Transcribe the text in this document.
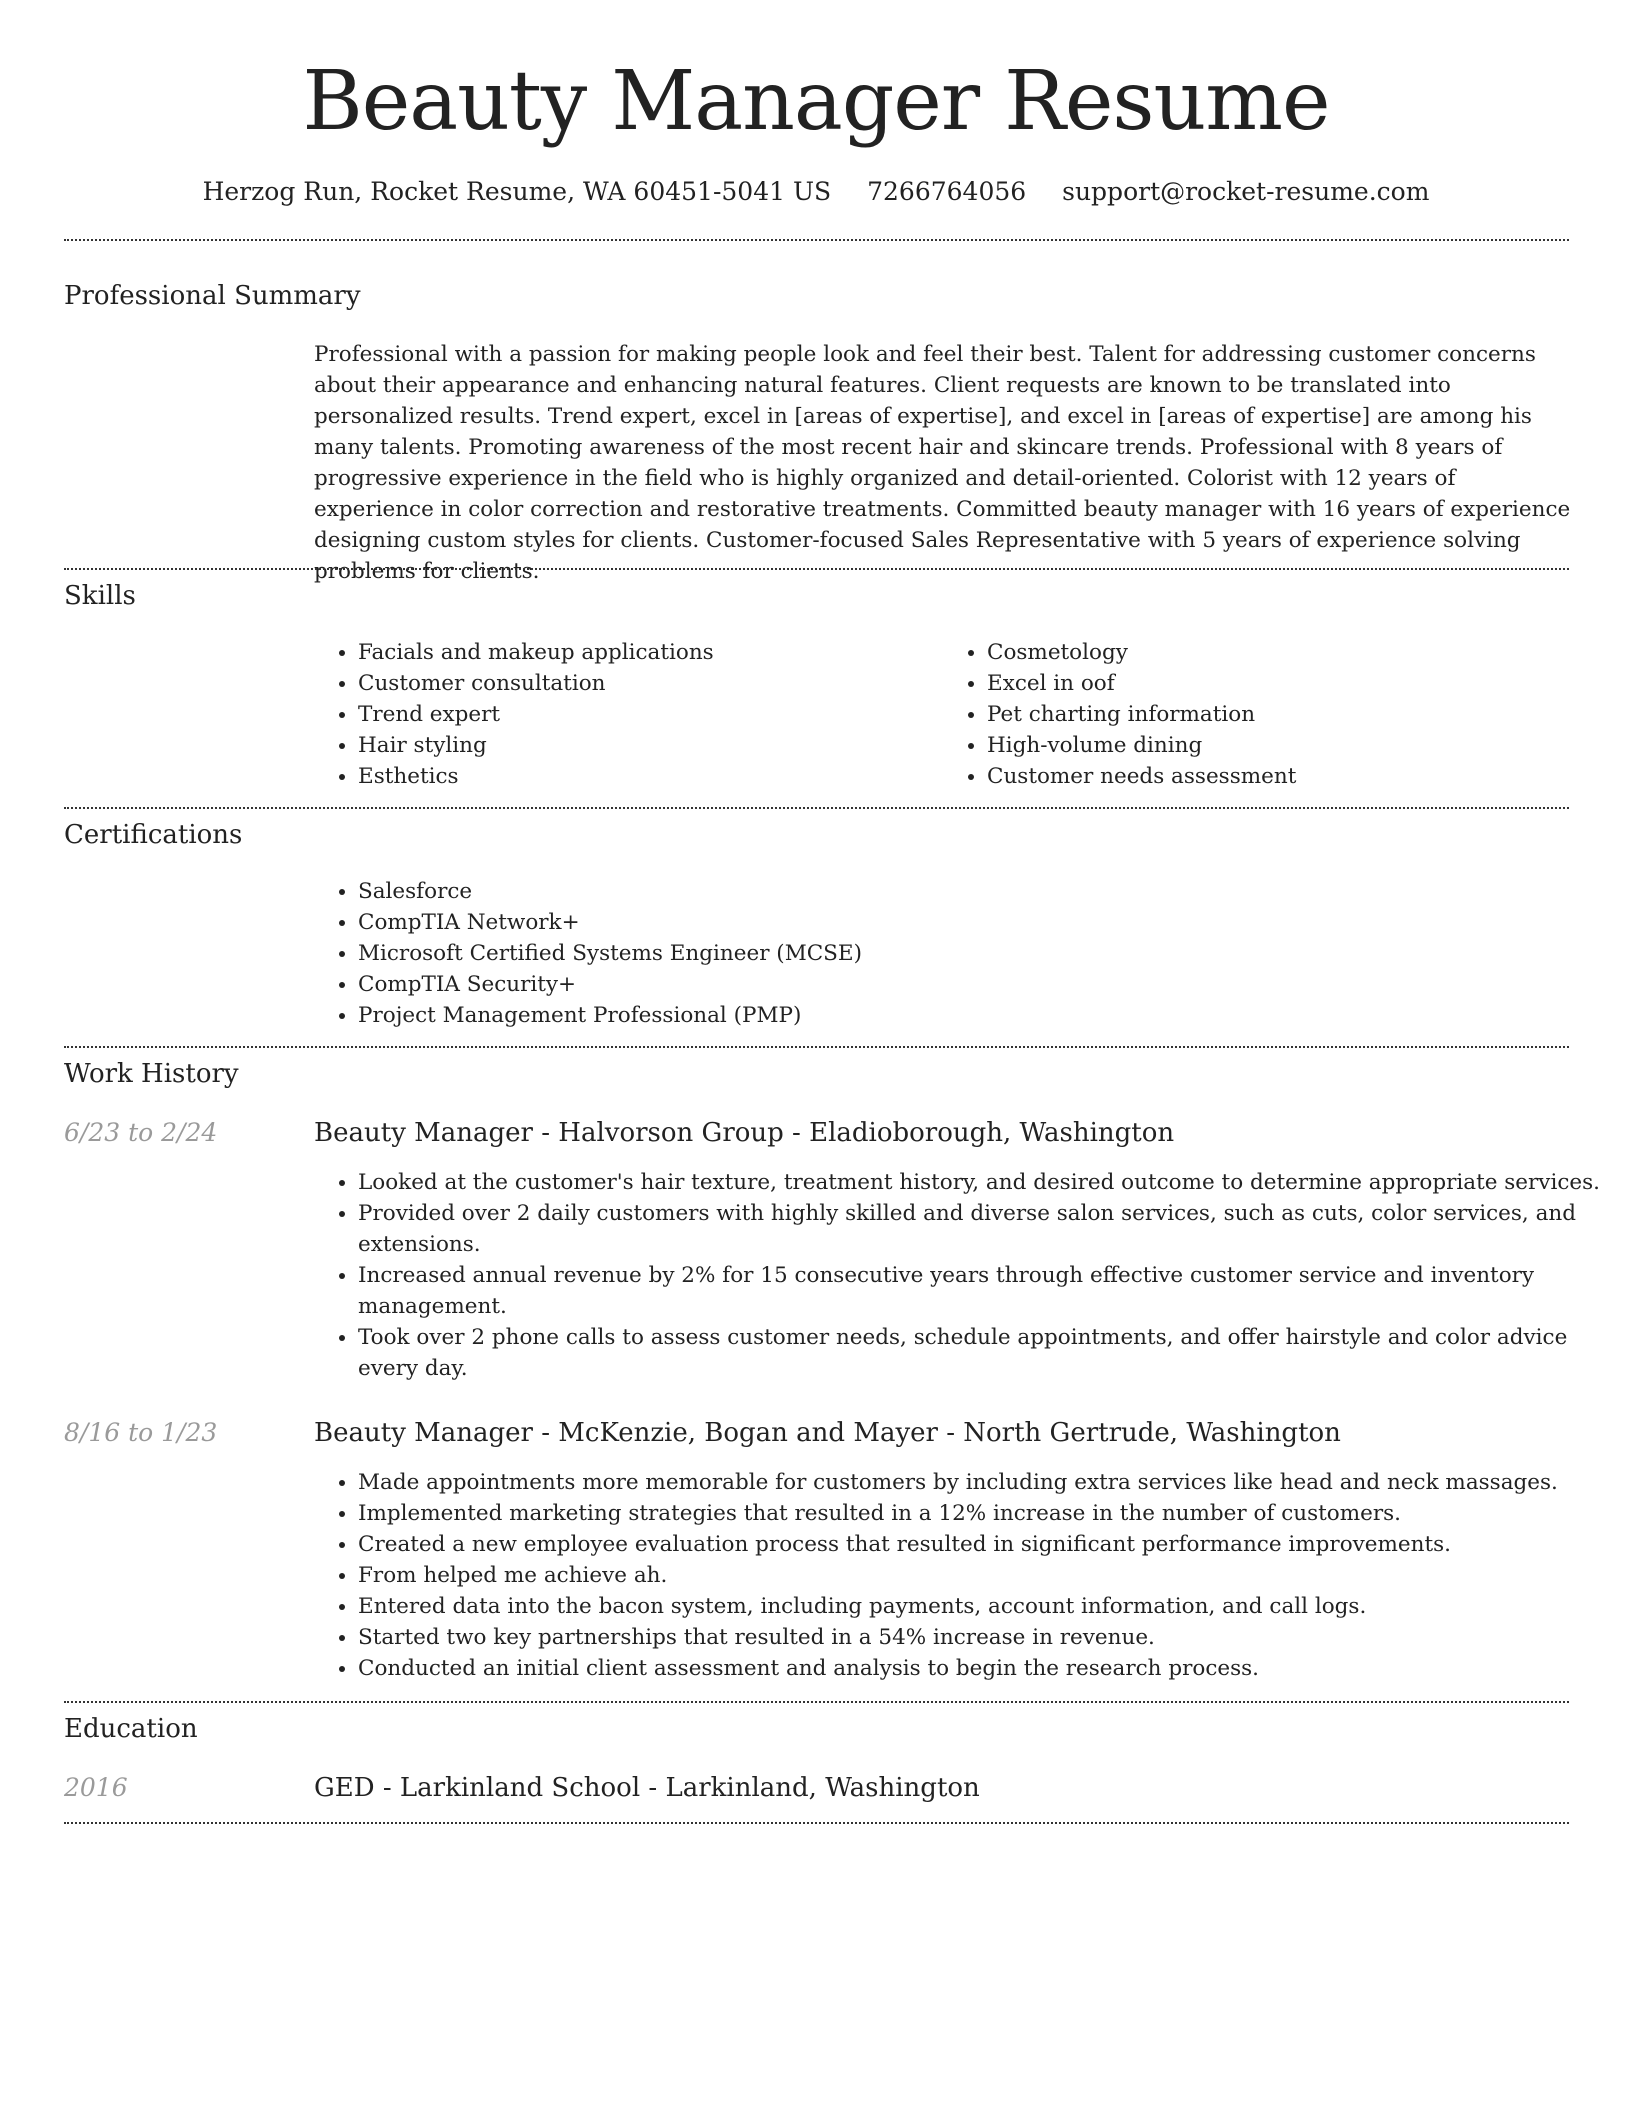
Beauty Manager Resume
Herzog Run, Rocket Resume, WA 60451-5041 US 7266764056 support@rocket-resume.com
Professional Summary
Professional with a passion for making people look and feel their best. Talent for addressing customer concerns about their appearance and enhancing natural features. Client requests are known to be translated into personalized results. Trend expert, excel in [areas of expertise], and excel in [areas of expertise] are among his many talents. Promoting awareness of the most recent hair and skincare trends. Professional with 8 years of progressive experience in the field who is highly organized and detail-oriented. Colorist with 12 years of experience in color correction and restorative treatments. Committed beauty manager with 16 years of experience designing custom styles for clients. Customer-focused Sales Representative with 5 years of experience solving problems for clients.
Skills
• Facials and makeup applications
• Customer consultation
• Trend expert
• Hair styling
• Esthetics
• Cosmetology
• Excel in oof
• Pet charting information
• High-volume dining
• Customer needs assessment
Certifications
• Salesforce
• CompTIA Network+
• Microsoft Certified Systems Engineer (MCSE)
• CompTIA Security+
• Project Management Professional (PMP)
Work History
6/23 to 2/24	Beauty Manager - Halvorson Group - Eladioborough, Washington
• Looked at the customer's hair texture, treatment history, and desired outcome to determine appropriate services.
• Provided over 2 daily customers with highly skilled and diverse salon services, such as cuts, color services, and extensions.
• Increased annual revenue by 2% for 15 consecutive years through effective customer service and inventory management.
• Took over 2 phone calls to assess customer needs, schedule appointments, and offer hairstyle and color advice every day.
8/16 to 1/23	Beauty Manager - McKenzie, Bogan and Mayer - North Gertrude, Washington
• Made appointments more memorable for customers by including extra services like head and neck massages.
• Implemented marketing strategies that resulted in a 12% increase in the number of customers.
• Created a new employee evaluation process that resulted in significant performance improvements.
• From helped me achieve ah.
• Entered data into the bacon system, including payments, account information, and call logs.
• Started two key partnerships that resulted in a 54% increase in revenue.
• Conducted an initial client assessment and analysis to begin the research process.
Education
2016	GED - Larkinland School - Larkinland, Washington
